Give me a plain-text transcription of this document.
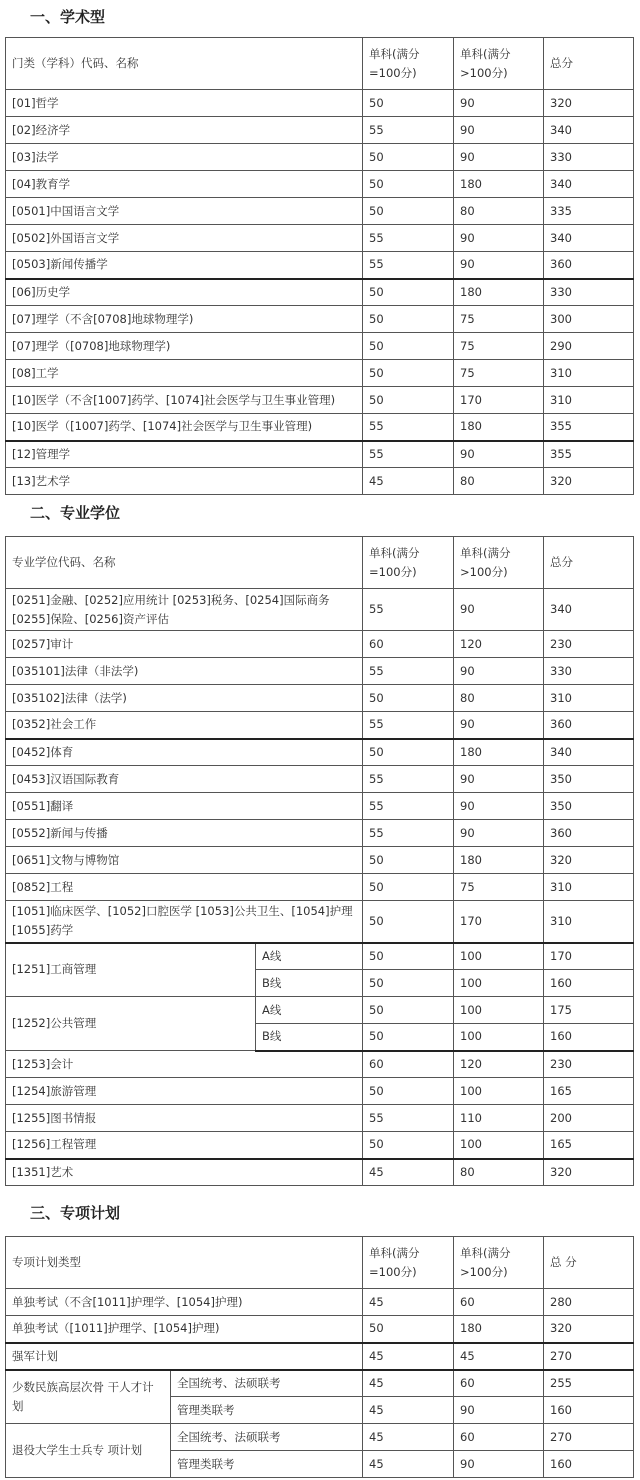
一、学术型
门类（学科）代码、名称	单科(满分=100分)	单科(满分 >100分)	总分
[01]哲学	50	90	320
[02]经济学	55	90	340
[03]法学	50	90	330
[04]教育学	50	180	340
[0501]中国语言文学	50	80	335
[0502]外国语言文学	55	90	340
[0503]新闻传播学	55	90	360
[06]历史学	50	180	330
[07]理学（不含[0708]地球物理学)	50	75	300
[07]理学（[0708]地球物理学)	50	75	290
[08]工学	50	75	310
[10]医学（不含[1007]药学、[1074]社会医学与卫生事业管理)	50	170	310
[10]医学（[1007]药学、[1074]社会医学与卫生事业管理)	55	180	355
[12]管理学	55	90	355
[13]艺术学	45	80	320
二、专业学位
专业学位代码、名称		单科(满分=100分)	单科(满分 >100分)	总分
[0251]金融、[0252]应用统计 [0253]税务、[0254]国际商务 [0255]保险、[0256]资产评估		55	90	340
[0257]审计		60	120	230
[035101]法律（非法学)		55	90	330
[035102]法律（法学)		50	80	310
[0352]社会工作		55	90	360
[0452]体育		50	180	340
[0453]汉语国际教育		55	90	350
[0551]翻译		55	90	350
[0552]新闻与传播		55	90	360
[0651]文物与博物馆		50	180	320
[0852]工程		50	75	310
[1051]临床医学、[1052]口腔医学 [1053]公共卫生、[1054]护理 [1055]药学		50	170	310
[1251]工商管理	A线	50	100	170
	B线	50	100	160
[1252]公共管理	A线	50	100	175
	B线	50	100	160
[1253]会计		60	120	230
[1254]旅游管理		50	100	165
[1255]图书情报		55	110	200
[1256]工程管理		50	100	165
[1351]艺术		45	80	320
三、专项计划
专项计划类型		单科(满分=100分)	单科(满分 >100分)	总 分
单独考试（不含[1011]护理学、[1054]护理)		45	60	280
单独考试（[1011]护理学、[1054]护理)		50	180	320
强军计划		45	45	270
少数民族高层次骨 干人才计划	全国统考、法硕联考	45	60	255
	管理类联考	45	90	160
退役大学生士兵专 项计划	全国统考、法硕联考	45	60	270
	管理类联考	45	90	160
